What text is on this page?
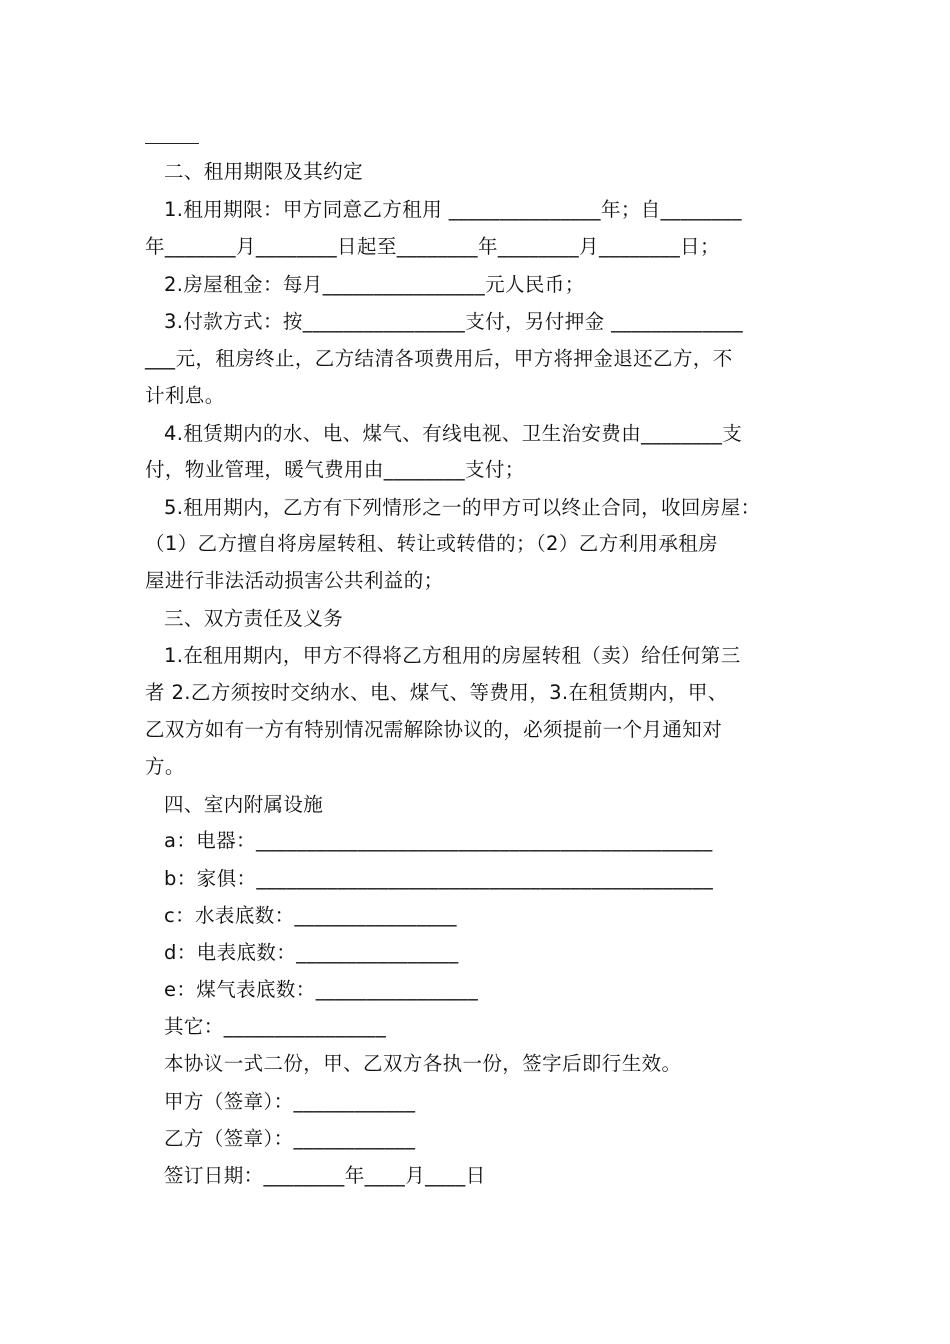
二、租用期限及其约定
1.租用期限：甲方同意乙方租用 _______________年；自________
年_______月________日起至________年________月________日；
2.房屋租金：每月________________元人民币；
3.付款方式：按________________支付，另付押金 _____________
___元，租房终止，乙方结清各项费用后，甲方将押金退还乙方，不
计利息。
4.租赁期内的水、电、煤气、有线电视、卫生治安费由________支
付，物业管理，暖气费用由________支付；
5.租用期内，乙方有下列情形之一的甲方可以终止合同，收回房屋：
（1）乙方擅自将房屋转租、转让或转借的；（2）乙方利用承租房
屋进行非法活动损害公共利益的；
三、双方责任及义务
1.在租用期内，甲方不得将乙方租用的房屋转租（卖）给任何第三
者 2.乙方须按时交纳水、电、煤气、等费用，3.在租赁期内，甲、
乙双方如有一方有特别情况需解除协议的，必须提前一个月通知对
方。
四、室内附属设施
a：电器：_____________________________________________
b：家俱：_____________________________________________
c：水表底数：________________
d：电表底数：________________
e：煤气表底数：________________
其它：________________
本协议一式二份，甲、乙双方各执一份，签字后即行生效。
甲方（签章）：____________
乙方（签章）：____________
签订日期：________年____月____日
